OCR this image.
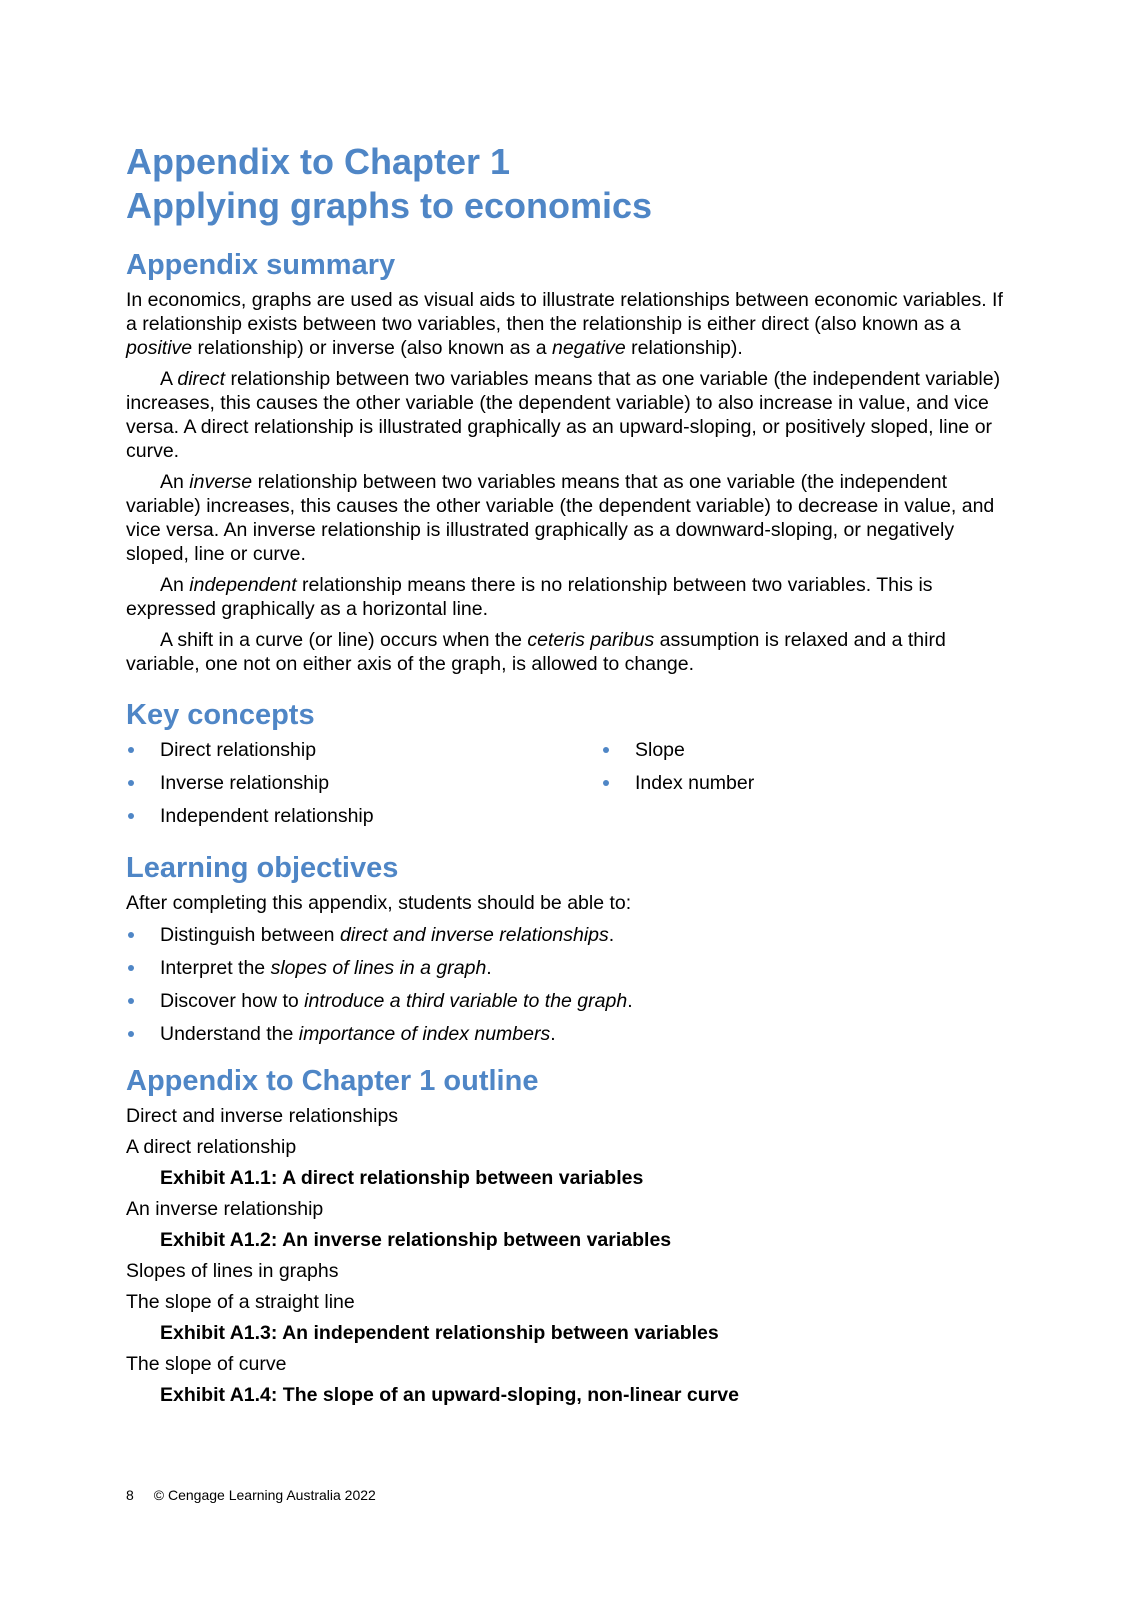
Appendix to Chapter 1
Applying graphs to economics
Appendix summary

In economics, graphs are used as visual aids to illustrate relationships between economic variables. If a relationship exists between two variables, then the relationship is either direct (also known as a positive relationship) or inverse (also known as a negative relationship).

A direct relationship between two variables means that as one variable (the independent variable) increases, this causes the other variable (the dependent variable) to also increase in value, and vice versa. A direct relationship is illustrated graphically as an upward-sloping, or positively sloped, line or curve.

An inverse relationship between two variables means that as one variable (the independent variable) increases, this causes the other variable (the dependent variable) to decrease in value, and vice versa. An inverse relationship is illustrated graphically as a downward-sloping, or negatively sloped, line or curve.

An independent relationship means there is no relationship between two variables. This is expressed graphically as a horizontal line.

A shift in a curve (or line) occurs when the ceteris paribus assumption is relaxed and a third variable, one not on either axis of the graph, is allowed to change.

Key concepts
Direct relationship
Inverse relationship
Independent relationship
Slope
Index number
Learning objectives

After completing this appendix, students should be able to:

Distinguish between direct and inverse relationships.
Interpret the slopes of lines in a graph.
Discover how to introduce a third variable to the graph.
Understand the importance of index numbers.
Appendix to Chapter 1 outline
Direct and inverse relationships
A direct relationship
Exhibit A1.1: A direct relationship between variables
An inverse relationship
Exhibit A1.2: An inverse relationship between variables
Slopes of lines in graphs
The slope of a straight line
Exhibit A1.3: An independent relationship between variables
The slope of curve
Exhibit A1.4: The slope of an upward-sloping, non-linear curve
8 © Cengage Learning Australia 2022
